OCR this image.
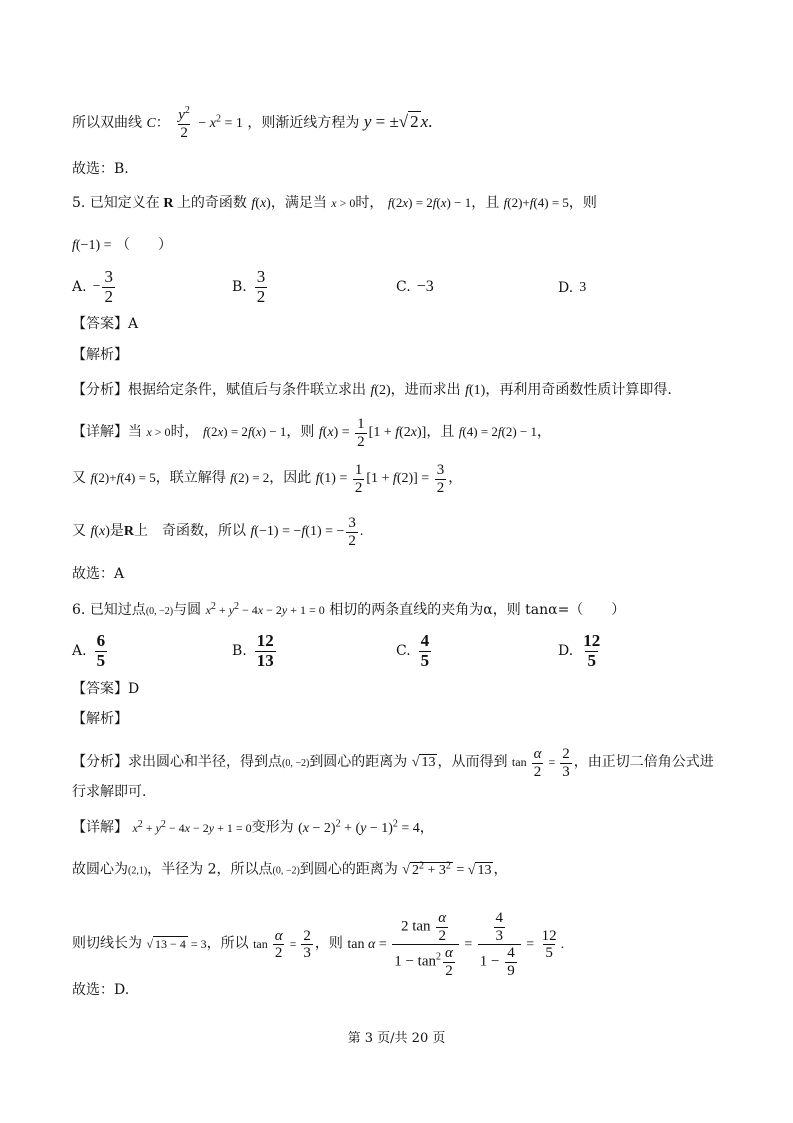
所以双曲线 C： $\frac{y^2}{2} - x^2 = 1$ ，则渐近线方程为 y = ±√ 2 x.
故选：B.
5. 已知定义在 R 上的奇函数 f(x)，满足当 x > 0时， f(2x) = 2f(x) − 1，且 f(2)+f(4) = 5，则
f(−1) = （　　）
A. − $\frac{3}{2}$	B. $\frac{3}{2}$	C. −3	D. 3
【答案】A
【解析】
【分析】根据给定条件，赋值后与条件联立求出 f(2)，进而求出 f(1)，再利用奇函数性质计算即得.
【详解】当 x > 0时， f(2x) = 2f(x) − 1，则 $f(x) = \frac{1}{2} [1 + f(2x)]$，且 f(4) = 2f(2) − 1，
又 f(2)+f(4) = 5，联立解得 f(2) = 2，因此 $f(1) = \frac{1}{2} [1 + f(2)] = \frac{3}{2}$ ，
又 f(x)是R上　奇函数，所以 f(−1) = −f(1) = − $\frac{3}{2}$ .
故选：A
6. 已知过点(0, −2)与圆 $x^2 + y^2 - 4x - 2y + 1 = 0$ 相切的两条直线的夹角为α，则 tanα=（　　）
A. $\frac{6}{5}$	B. $\frac{12}{13}$	C. $\frac{4}{5}$	D. $\frac{12}{5}$
【答案】D
【解析】
【分析】求出圆心和半径，得到点(0, −2)到圆心的距离为 √ 13 ，从而得到 $\tan \frac{\alpha}{2} = \frac{2}{3}$ ，由正切二倍角公式进
行求解即可.
【详解】 $x^2 + y^2 - 4x - 2y + 1 = 0$变形为 $(x - 2)^2 + (y - 1)^2 = 4$，
故圆心为(2,1)，半径为 2，所以点(0, −2)到圆心的距离为 √ $2^2 + 3^2$ = √ 13 ，
则切线长为 √ 13 − 4 = 3，所以 $\tan \frac{\alpha}{2} = \frac{2}{3}$ ，则 $\tan \alpha = \frac{2 \tan \frac{\alpha}{2}}{1 - \tan^2 \frac{\alpha}{2}} = \frac{\frac{4}{3}}{1 - \frac{4}{9}} = \frac{12}{5}$ .
故选：D.
第 3 页/共 20 页
